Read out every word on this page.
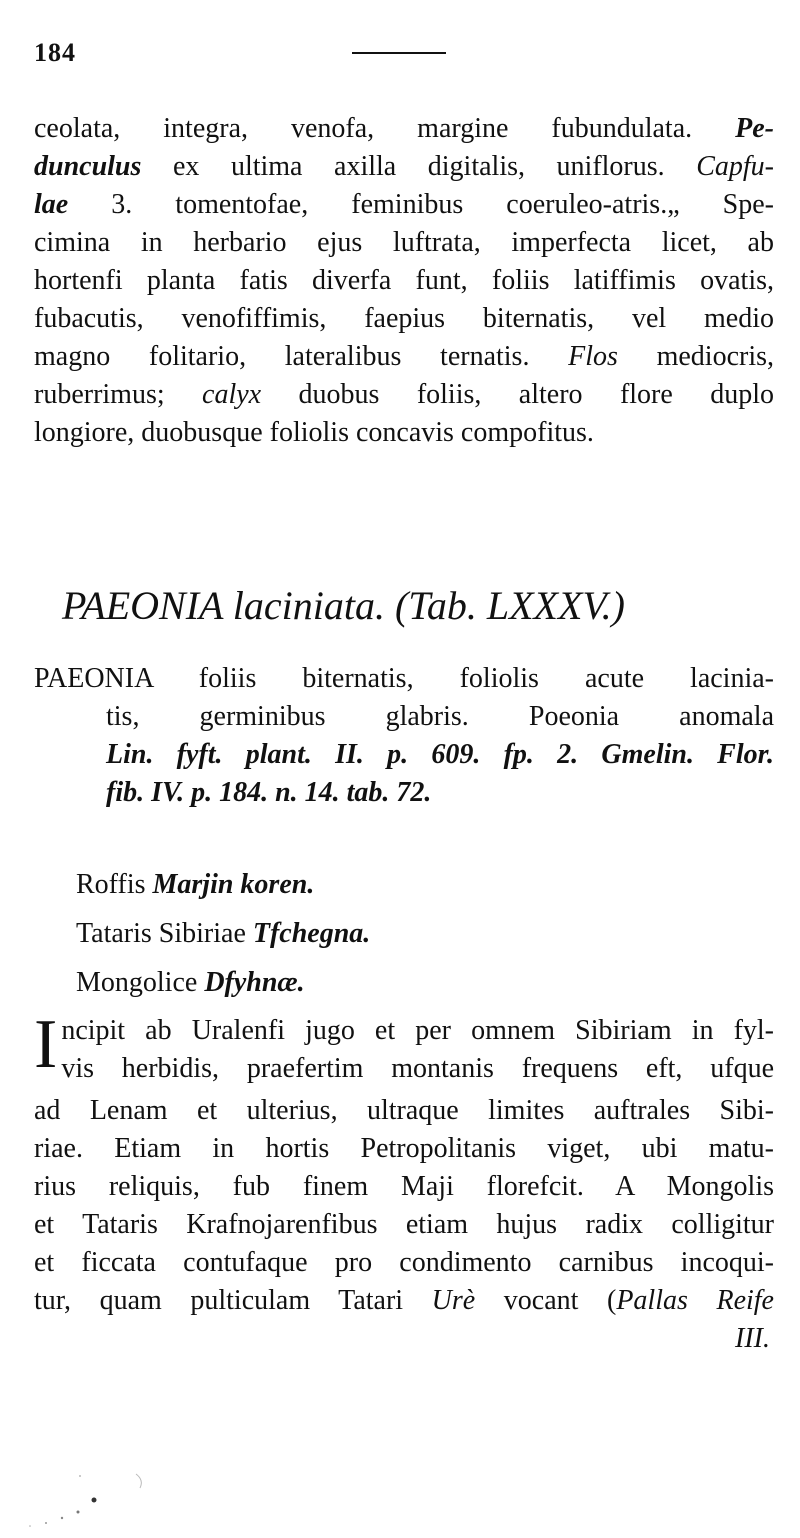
184
ceolata, integra, venofa, margine fubundulata. Pe-
dunculus ex ultima axilla digitalis, uniflorus. Capfu-
lae 3. tomentofae, feminibus coeruleo-atris.„ Spe-
cimina in herbario ejus luftrata, imperfecta licet, ab
hortenfi planta fatis diverfa funt, foliis latiffimis ovatis,
fubacutis, venofiffimis, faepius biternatis, vel medio
magno folitario, lateralibus ternatis. Flos mediocris,
ruberrimus; calyx duobus foliis, altero flore duplo
longiore, duobusque foliolis concavis compofitus.
PAEONIA laciniata. (Tab. LXXXV.)
PAEONIA foliis biternatis, foliolis acute lacinia-
tis, germinibus glabris. Poeonia anomala
Lin. fyft. plant. II. p. 609. fp. 2. Gmelin. Flor.
fib. IV. p. 184. n. 14. tab. 72.
Roffis Marjin koren.
Tataris Sibiriae Tfchegna.
Mongolice Dfyhnæ.
I ncipit ab Uralenfi jugo et per omnem Sibiriam in fyl-
vis herbidis, praefertim montanis frequens eft, ufque
ad Lenam et ulterius, ultraque limites auftrales Sibi-
riae. Etiam in hortis Petropolitanis viget, ubi matu-
rius reliquis, fub finem Maji florefcit. A Mongolis
et Tataris Krafnojarenfibus etiam hujus radix colligitur
et ficcata contufaque pro condimento carnibus incoqui-
tur, quam pulticulam Tatari Urè vocant (Pallas Reife
III.
